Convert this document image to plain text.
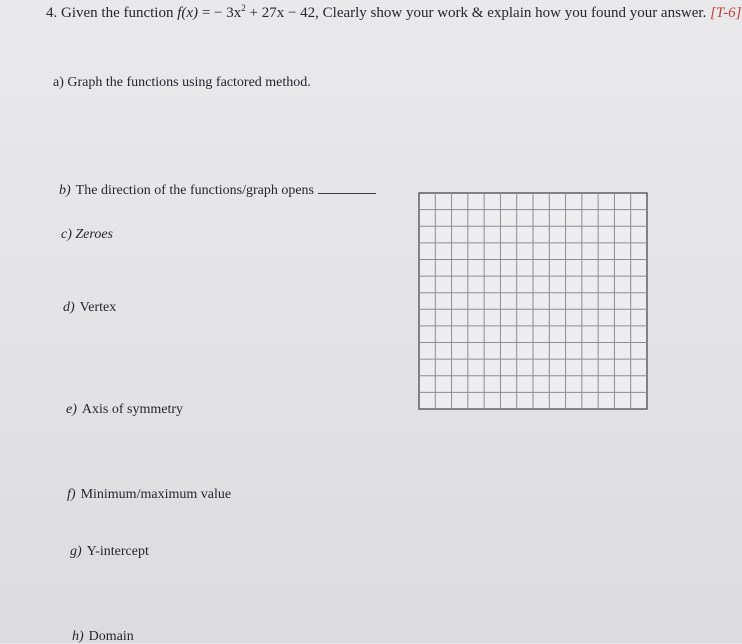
4. Given the function f(x) = − $3x^2 + 27x - 42$, Clearly show your work & explain how you found your answer. [T-6]
a) Graph the functions using factored method.
b) The direction of the functions/graph opens
c) Zeroes
d) Vertex
e) Axis of symmetry
f) Minimum/maximum value
g) Y-intercept
h) Domain
